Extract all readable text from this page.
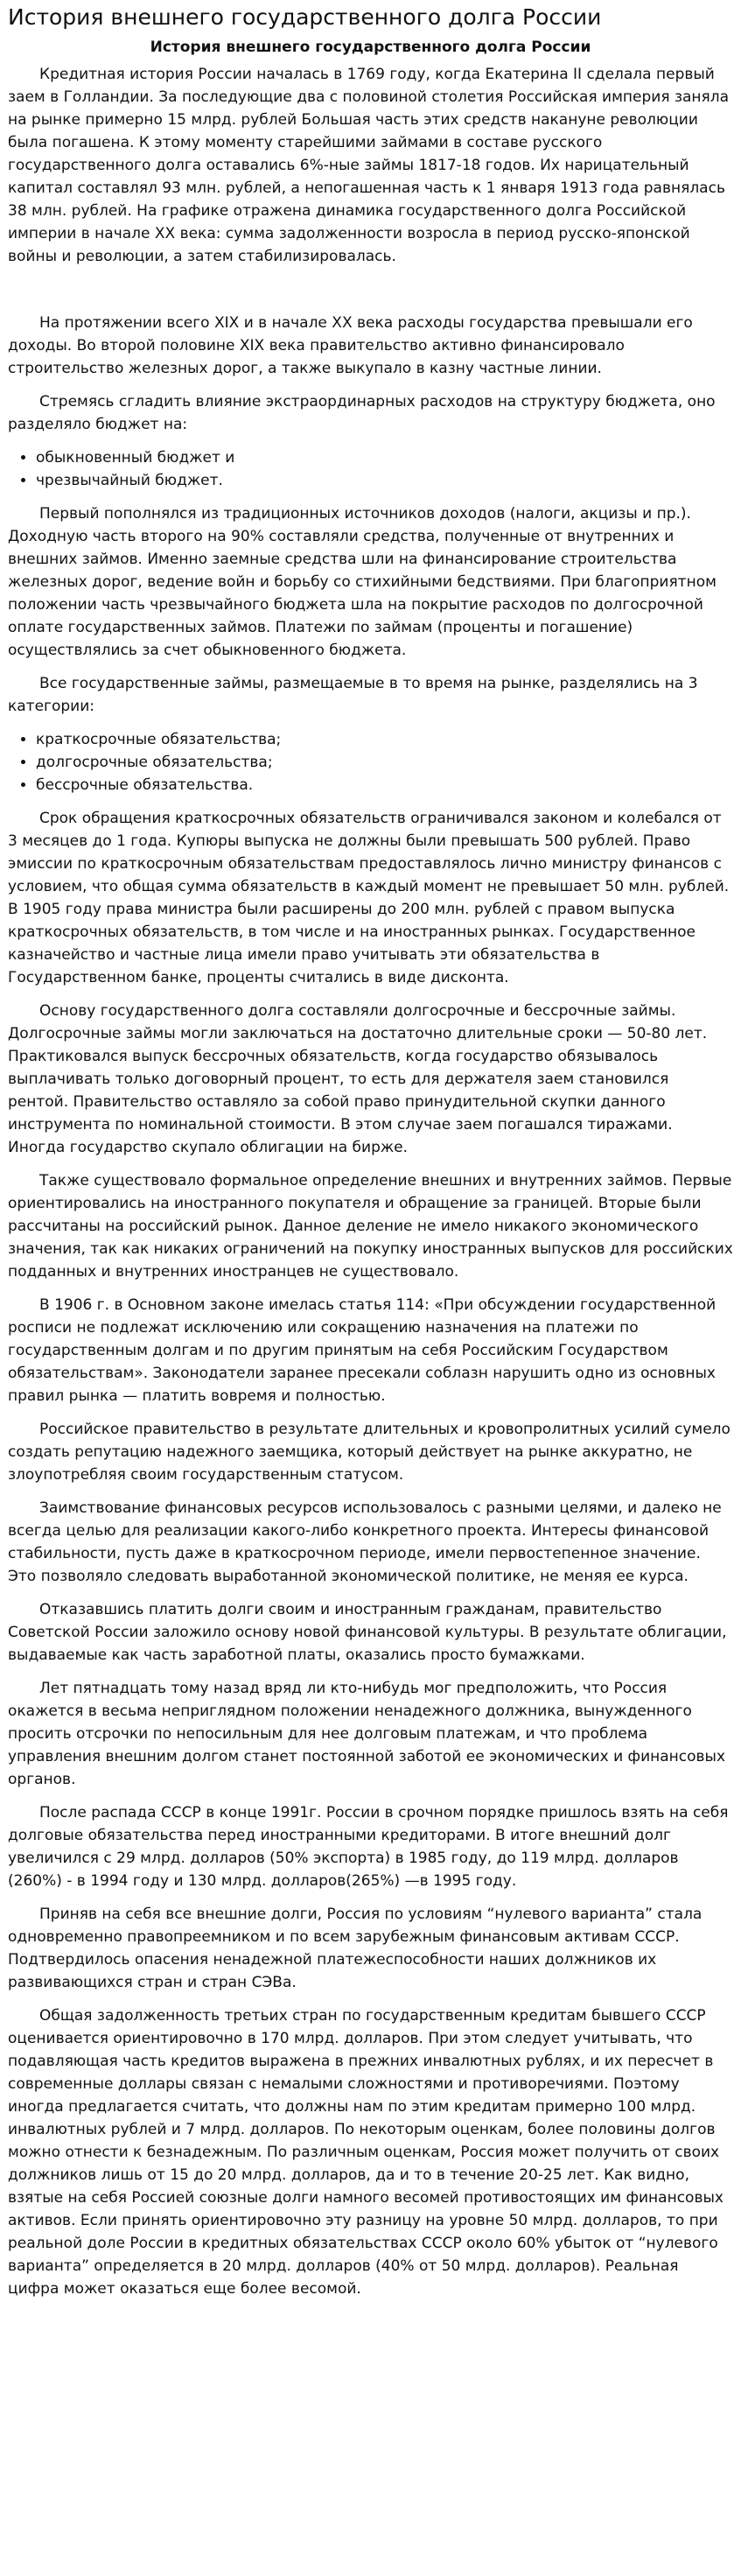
История внешнего государственного долга России
История внешнего государственного долга России

Кредитная история России началась в 1769 году, когда Екатерина II сделала первый заем в Голландии. За последующие два с половиной столетия Российская империя заняла на рынке примерно 15 млрд. рублей Большая часть этих средств накануне революции была погашена. К этому моменту старейшими займами в составе русского государственного долга оставались 6%-ные займы 1817-18 годов. Их нарицательный капитал составлял 93 млн. рублей, а непогашенная часть к 1 января 1913 года равнялась 38 млн. рублей. На графике отражена динамика государственного долга Российской империи в начале XX века: сумма задолженности возросла в период русско-японской войны и революции, а затем стабилизировалась.

На протяжении всего XIX и в начале XX века расходы государства превышали его доходы. Во второй половине XIX века правительство активно финансировало строительство железных дорог, а также выкупало в казну частные линии.

Стремясь сгладить влияние экстраординарных расходов на структуру бюджета, оно разделяло бюджет на:

• обыкновенный бюджет и
• чрезвычайный бюджет.

Первый пополнялся из традиционных источников доходов (налоги, акцизы и пр.). Доходную часть второго на 90% составляли средства, полученные от внутренних и внешних займов. Именно заемные средства шли на финансирование строительства железных дорог, ведение войн и борьбу со стихийными бедствиями. При благоприятном положении часть чрезвычайного бюджета шла на покрытие расходов по долгосрочной оплате государственных займов. Платежи по займам (проценты и погашение) осуществлялись за счет обыкновенного бюджета.

Все государственные займы, размещаемые в то время на рынке, разделялись на 3 категории:

• краткосрочные обязательства;
• долгосрочные обязательства;
• бессрочные обязательства.

Срок обращения краткосрочных обязательств ограничивался законом и колебался от 3 месяцев до 1 года. Купюры выпуска не должны были превышать 500 рублей. Право эмиссии по краткосрочным обязательствам предоставлялось лично министру финансов с условием, что общая сумма обязательств в каждый момент не превышает 50 млн. рублей. В 1905 году права министра были расширены до 200 млн. рублей с правом выпуска краткосрочных обязательств, в том числе и на иностранных рынках. Государственное казначейство и частные лица имели право учитывать эти обязательства в Государственном банке, проценты считались в виде дисконта.

Основу государственного долга составляли долгосрочные и бессрочные займы. Долгосрочные займы могли заключаться на достаточно длительные сроки — 50-80 лет. Практиковался выпуск бессрочных обязательств, когда государство обязывалось выплачивать только договорный процент, то есть для держателя заем становился рентой. Правительство оставляло за собой право принудительной скупки данного инструмента по номинальной стоимости. В этом случае заем погашался тиражами. Иногда государство скупало облигации на бирже.

Также существовало формальное определение внешних и внутренних займов. Первые ориентировались на иностранного покупателя и обращение за границей. Вторые были рассчитаны на российский рынок. Данное деление не имело никакого экономического значения, так как никаких ограничений на покупку иностранных выпусков для российских подданных и внутренних иностранцев не существовало.

В 1906 г. в Основном законе имелась статья 114: «При обсуждении государственной росписи не подлежат исключению или сокращению назначения на платежи по государственным долгам и по другим принятым на себя Российским Государством обязательствам». Законодатели заранее пресекали соблазн нарушить одно из основных правил рынка — платить вовремя и полностью.

Российское правительство в результате длительных и кровопролитных усилий сумело создать репутацию надежного заемщика, который действует на рынке аккуратно, не злоупотребляя своим государственным статусом.

Заимствование финансовых ресурсов использовалось с разными целями, и далеко не всегда целью для реализации какого-либо конкретного проекта. Интересы финансовой стабильности, пусть даже в краткосрочном периоде, имели первостепенное значение. Это позволяло следовать выработанной экономической политике, не меняя ее курса.

Отказавшись платить долги своим и иностранным гражданам, правительство Советской России заложило основу новой финансовой культуры. В результате облигации, выдаваемые как часть заработной платы, оказались просто бумажками.

Лет пятнадцать тому назад вряд ли кто-нибудь мог предположить, что Россия окажется в весьма неприглядном положении ненадежного должника, вынужденного просить отсрочки по непосильным для нее долговым платежам, и что проблема управления внешним долгом станет постоянной заботой ее экономических и финансовых органов.

После распада СССР в конце 1991г. России в срочном порядке пришлось взять на себя долговые обязательства перед иностранными кредиторами. В итоге внешний долг увеличился с 29 млрд. долларов (50% экспорта) в 1985 году, до 119 млрд. долларов (260%) - в 1994 году и 130 млрд. долларов(265%) —в 1995 году.

Приняв на себя все внешние долги, Россия по условиям “нулевого варианта” стала одновременно правопреемником и по всем зарубежным финансовым активам СССР. Подтвердилось опасения ненадежной платежеспособности наших должников их развивающихся стран и стран СЭВа.

Общая задолженность третьих стран по государственным кредитам бывшего СССР оценивается ориентировочно в 170 млрд. долларов. При этом следует учитывать, что подавляющая часть кредитов выражена в прежних инвалютных рублях, и их пересчет в современные доллары связан с немалыми сложностями и противоречиями. Поэтому иногда предлагается считать, что должны нам по этим кредитам примерно 100 млрд. инвалютных рублей и 7 млрд. долларов. По некоторым оценкам, более половины долгов можно отнести к безнадежным. По различным оценкам, Россия может получить от своих должников лишь от 15 до 20 млрд. долларов, да и то в течение 20-25 лет. Как видно, взятые на себя Россией союзные долги намного весомей противостоящих им финансовых активов. Если принять ориентировочно эту разницу на уровне 50 млрд. долларов, то при реальной доле России в кредитных обязательствах СССР около 60% убыток от “нулевого варианта” определяется в 20 млрд. долларов (40% от 50 млрд. долларов). Реальная цифра может оказаться еще более весомой.
